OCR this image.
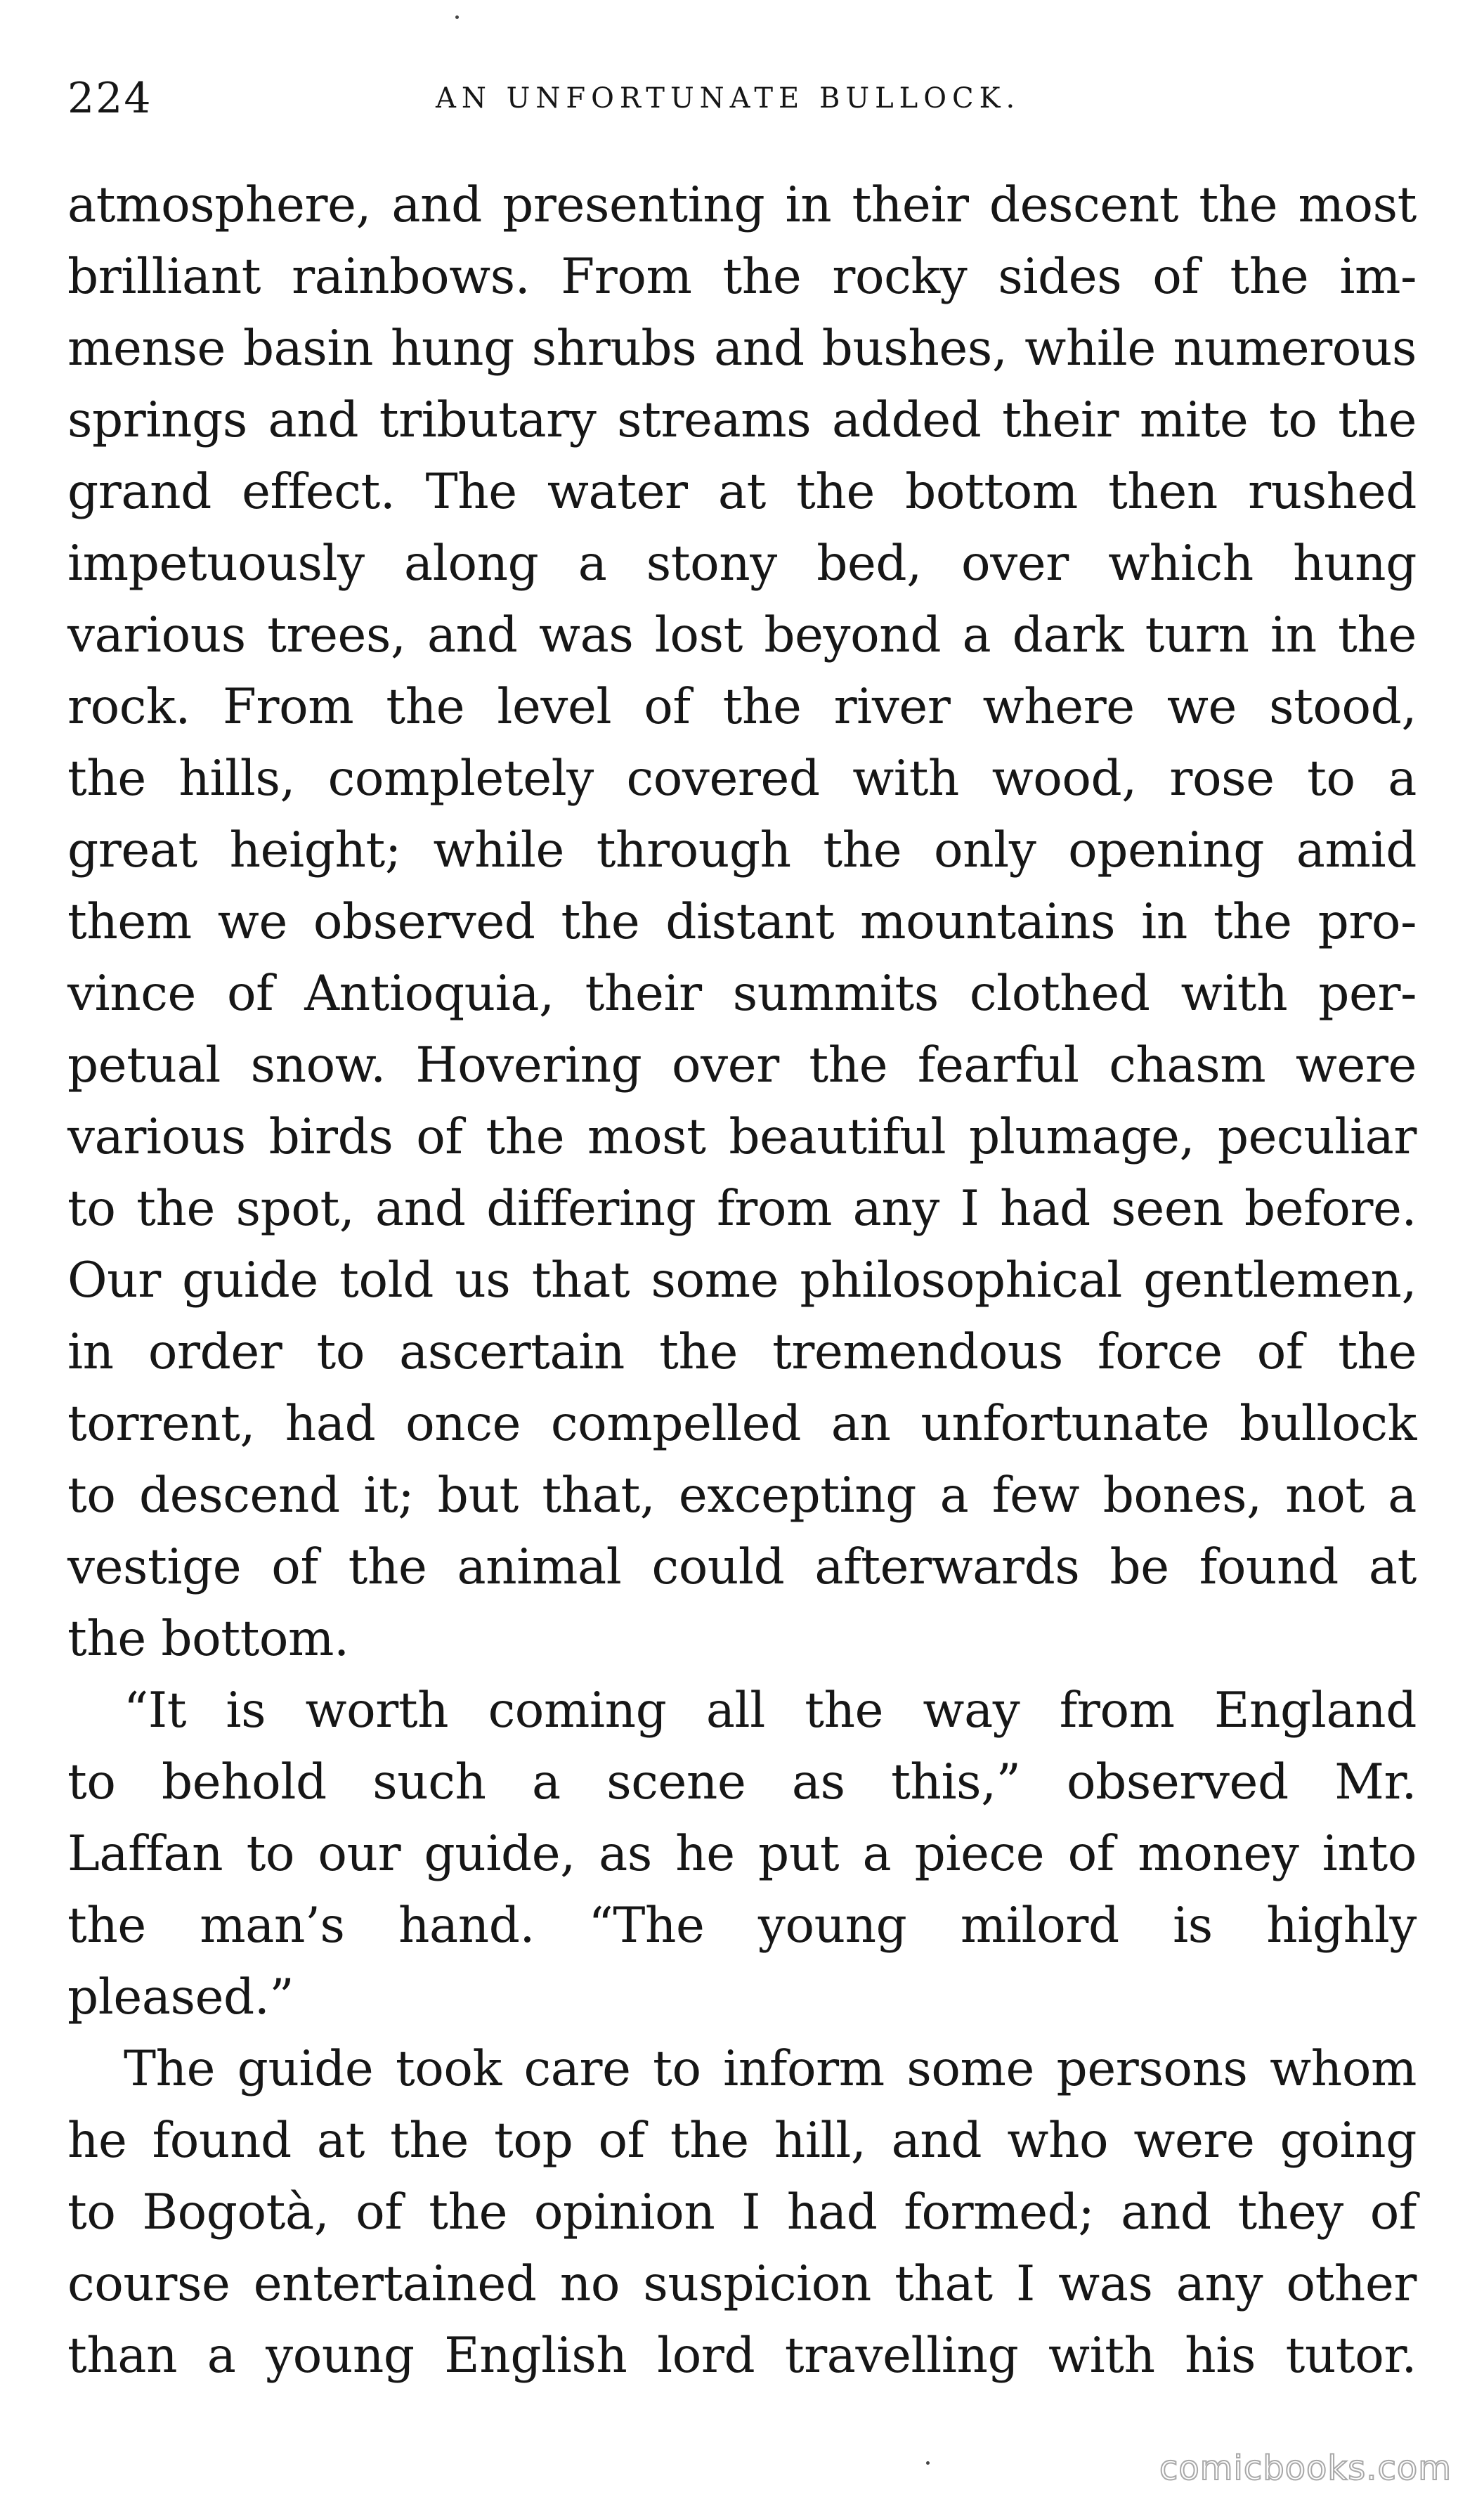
224	AN UNFORTUNATE BULLOCK.
atmosphere, and presenting in their descent the most
brilliant rainbows. From the rocky sides of the im-
mense basin hung shrubs and bushes, while numerous
springs and tributary streams added their mite to the
grand effect. The water at the bottom then rushed
impetuously along a stony bed, over which hung
various trees, and was lost beyond a dark turn in the
rock. From the level of the river where we stood,
the hills, completely covered with wood, rose to a
great height; while through the only opening amid
them we observed the distant mountains in the pro-
vince of Antioquia, their summits clothed with per-
petual snow. Hovering over the fearful chasm were
various birds of the most beautiful plumage, peculiar
to the spot, and differing from any I had seen before.
Our guide told us that some philosophical gentlemen,
in order to ascertain the tremendous force of the
torrent, had once compelled an unfortunate bullock
to descend it; but that, excepting a few bones, not a
vestige of the animal could afterwards be found at
the bottom.
“It is worth coming all the way from England
to behold such a scene as this,” observed Mr.
Laffan to our guide, as he put a piece of money into
the man’s hand. “The young milord is highly
pleased.”
The guide took care to inform some persons whom
he found at the top of the hill, and who were going
to Bogotà, of the opinion I had formed; and they of
course entertained no suspicion that I was any other
than a young English lord travelling with his tutor.
comicbooks.com
